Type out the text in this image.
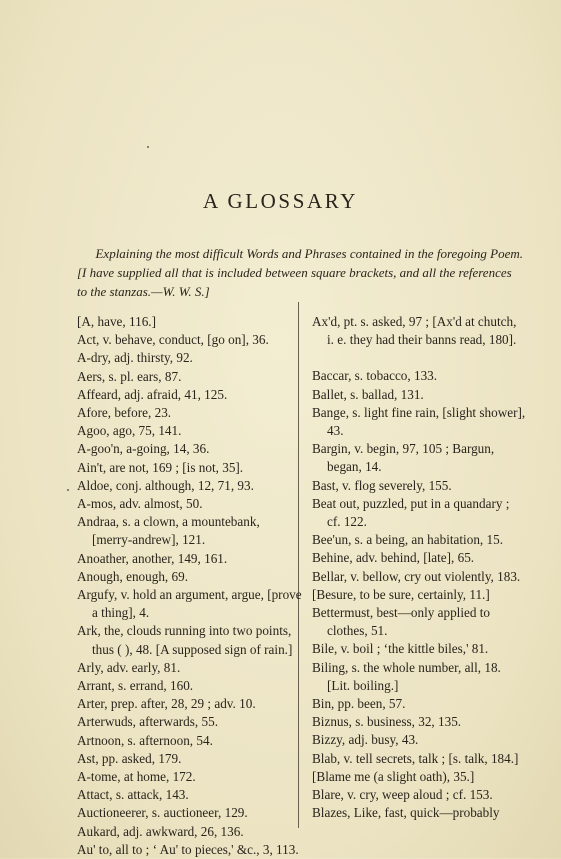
A GLOSSARY

Explaining the most difficult Words and Phrases contained in the foregoing Poem.

[I have supplied all that is included between square brackets, and all the references to the stanzas.—W. W. S.]

[A, have, 116.]

Act, v. behave, conduct, [go on], 36.

A-dry, adj. thirsty, 92.

Aers, s. pl. ears, 87.

Affeard, adj. afraid, 41, 125.

Afore, before, 23.

Agoo, ago, 75, 141.

A-goo'n, a-going, 14, 36.

Ain't, are not, 169 ; [is not, 35].

Aldoe, conj. although, 12, 71, 93.

A-mos, adv. almost, 50.

Andraa, s. a clown, a mountebank, [merry-andrew], 121.

Anoather, another, 149, 161.

Anough, enough, 69.

Argufy, v. hold an argument, argue, [prove a thing], 4.

Ark, the, clouds running into two points, thus ( ), 48. [A supposed sign of rain.]

Arly, adv. early, 81.

Arrant, s. errand, 160.

Arter, prep. after, 28, 29 ; adv. 10.

Arterwuds, afterwards, 55.

Artnoon, s. afternoon, 54.

Ast, pp. asked, 179.

A-tome, at home, 172.

Attact, s. attack, 143.

Auctioneerer, s. auctioneer, 129.

Aukard, adj. awkward, 26, 136.

Au' to, all to ; ‘ Au' to pieces,' &c., 3, 113.

Ax'd, pt. s. asked, 97 ; [Ax'd at chutch, i. e. they had their banns read, 180].

Baccar, s. tobacco, 133.

Ballet, s. ballad, 131.

Bange, s. light fine rain, [slight shower], 43.

Bargin, v. begin, 97, 105 ; Bargun, began, 14.

Bast, v. flog severely, 155.

Beat out, puzzled, put in a quandary ; cf. 122.

Bee'un, s. a being, an habitation, 15.

Behine, adv. behind, [late], 65.

Bellar, v. bellow, cry out violently, 183.

[Besure, to be sure, certainly, 11.]

Bettermust, best—only applied to clothes, 51.

Bile, v. boil ; ‘the kittle biles,' 81.

Biling, s. the whole number, all, 18. [Lit. boiling.]

Bin, pp. been, 57.

Biznus, s. business, 32, 135.

Bizzy, adj. busy, 43.

Blab, v. tell secrets, talk ; [s. talk, 184.]

[Blame me (a slight oath), 35.]

Blare, v. cry, weep aloud ; cf. 153.

Blazes, Like, fast, quick—probably
